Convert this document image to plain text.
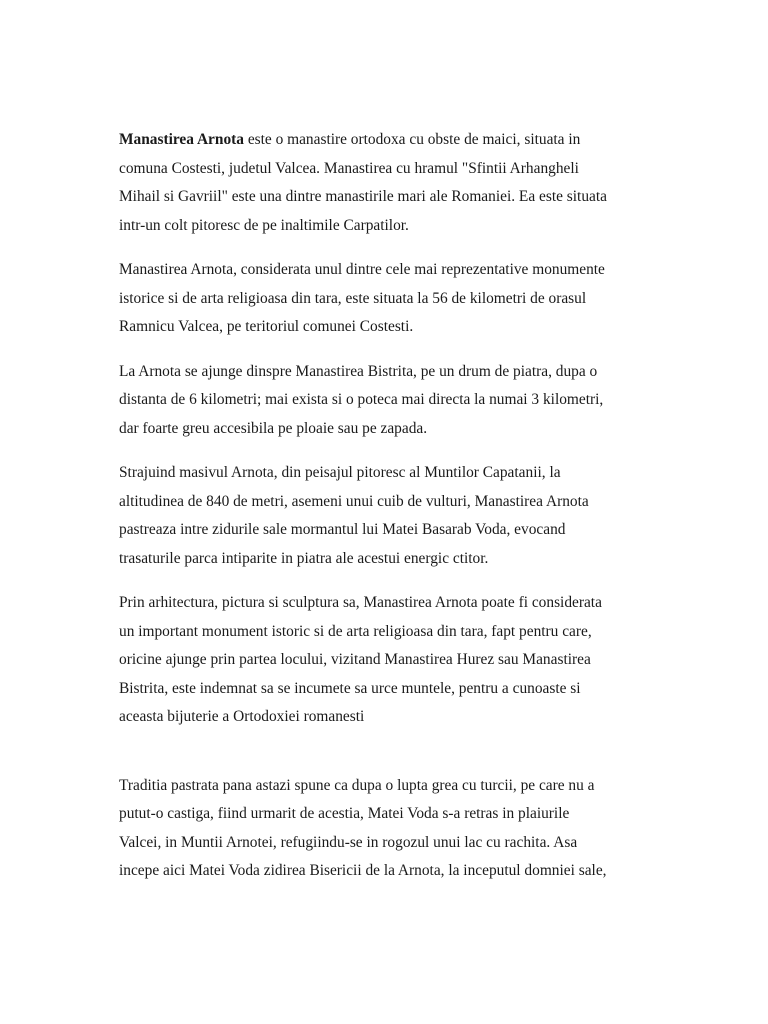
Manastirea Arnota este o manastire ortodoxa cu obste de maici, situata in
comuna Costesti, judetul Valcea. Manastirea cu hramul "Sfintii Arhangheli
Mihail si Gavriil" este una dintre manastirile mari ale Romaniei. Ea este situata
intr-un colt pitoresc de pe inaltimile Carpatilor.

Manastirea Arnota, considerata unul dintre cele mai reprezentative monumente
istorice si de arta religioasa din tara, este situata la 56 de kilometri de orasul
Ramnicu Valcea, pe teritoriul comunei Costesti.

La Arnota se ajunge dinspre Manastirea Bistrita, pe un drum de piatra, dupa o
distanta de 6 kilometri; mai exista si o poteca mai directa la numai 3 kilometri,
dar foarte greu accesibila pe ploaie sau pe zapada.

Strajuind masivul Arnota, din peisajul pitoresc al Muntilor Capatanii, la
altitudinea de 840 de metri, asemeni unui cuib de vulturi, Manastirea Arnota
pastreaza intre zidurile sale mormantul lui Matei Basarab Voda, evocand
trasaturile parca intiparite in piatra ale acestui energic ctitor.

Prin arhitectura, pictura si sculptura sa, Manastirea Arnota poate fi considerata
un important monument istoric si de arta religioasa din tara, fapt pentru care,
oricine ajunge prin partea locului, vizitand Manastirea Hurez sau Manastirea
Bistrita, este indemnat sa se incumete sa urce muntele, pentru a cunoaste si
aceasta bijuterie a Ortodoxiei romanesti

Traditia pastrata pana astazi spune ca dupa o lupta grea cu turcii, pe care nu a
putut-o castiga, fiind urmarit de acestia, Matei Voda s-a retras in plaiurile
Valcei, in Muntii Arnotei, refugiindu-se in rogozul unui lac cu rachita. Asa
incepe aici Matei Voda zidirea Bisericii de la Arnota, la inceputul domniei sale,
